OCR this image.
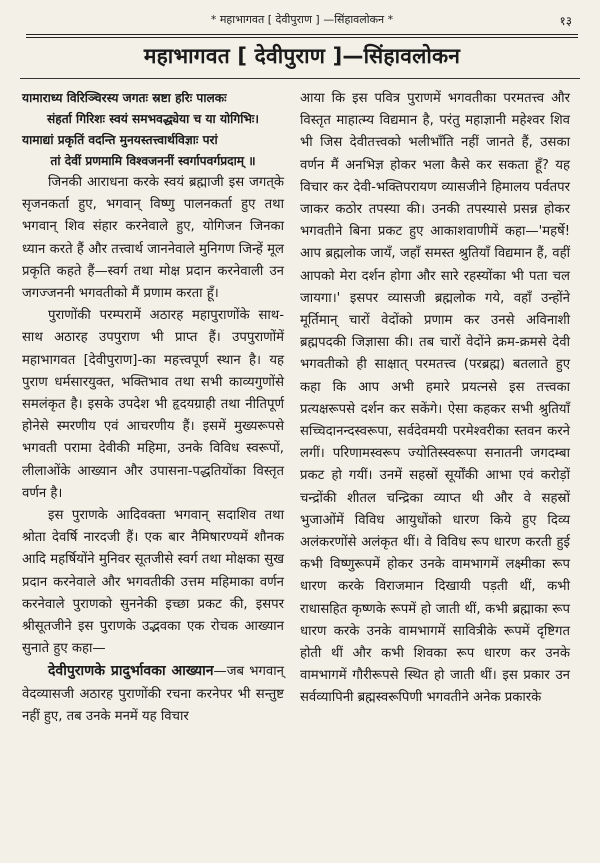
* महाभागवत [ देवीपुराण ] —सिंहावलोकन *	१३
महाभागवत [ देवीपुराण ]—सिंहावलोकन
यामाराध्य विरिञ्चिरस्य जगतः स्रष्टा हरिः पालकः

संहर्ता गिरिशः स्वयं समभवद्ध्येया च या योगिभिः।
यामाद्यां प्रकृतिं वदन्ति मुनयस्तत्त्वार्थविज्ञाः परां

तां देवीं प्रणमामि विश्वजननीं स्वर्गापवर्गप्रदाम् ॥

जिनकी आराधना करके स्वयं ब्रह्माजी इस जगत्‌के सृजनकर्ता हुए, भगवान् विष्णु पालनकर्ता हुए तथा भगवान् शिव संहार करनेवाले हुए, योगिजन जिनका ध्यान करते हैं और तत्त्वार्थ जाननेवाले मुनिगण जिन्हें मूल प्रकृति कहते हैं—स्वर्ग तथा मोक्ष प्रदान करनेवाली उन जगज्जननी भगवतीको मैं प्रणाम करता हूँ।

पुराणोंकी परम्परामें अठारह महापुराणोंके साथ-साथ अठारह उपपुराण भी प्राप्त हैं। उपपुराणोंमें महाभागवत [देवीपुराण]-का महत्त्वपूर्ण स्थान है। यह पुराण धर्मसारयुक्त, भक्तिभाव तथा सभी काव्यगुणोंसे समलंकृत है। इसके उपदेश भी हृदयग्राही तथा नीतिपूर्ण होनेसे स्मरणीय एवं आचरणीय हैं। इसमें मुख्यरूपसे भगवती परामा देवीकी महिमा, उनके विविध स्वरूपों, लीलाओंके आख्यान और उपासना-पद्धतियोंका विस्तृत वर्णन है।

इस पुराणके आदिवक्ता भगवान् सदाशिव तथा श्रोता देवर्षि नारदजी हैं। एक बार नैमिषारण्यमें शौनक आदि महर्षियोंने मुनिवर सूतजीसे स्वर्ग तथा मोक्षका सुख प्रदान करनेवाले और भगवतीकी उत्तम महिमाका वर्णन करनेवाले पुराणको सुननेकी इच्छा प्रकट की, इसपर श्रीसूतजीने इस पुराणके उद्भवका एक रोचक आख्यान सुनाते हुए कहा—

देवीपुराणके प्रादुर्भावका आख्यान—जब भगवान् वेदव्यासजी अठारह पुराणोंकी रचना करनेपर भी सन्तुष्ट नहीं हुए, तब उनके मनमें यह विचार

आया कि इस पवित्र पुराणमें भगवतीका परमतत्त्व और विस्तृत माहात्म्य विद्यमान है, परंतु महाज्ञानी महेश्वर शिव भी जिस देवीतत्त्वको भलीभाँति नहीं जानते हैं, उसका वर्णन मैं अनभिज्ञ होकर भला कैसे कर सकता हूँ? यह विचार कर देवी-भक्तिपरायण व्यासजीने हिमालय पर्वतपर जाकर कठोर तपस्या की। उनकी तपस्यासे प्रसन्न होकर भगवतीने बिना प्रकट हुए आकाशवाणीमें कहा—'महर्षे! आप ब्रह्मलोक जायँ, जहाँ समस्त श्रुतियाँ विद्यमान हैं, वहीं आपको मेरा दर्शन होगा और सारे रहस्योंका भी पता चल जायगा।' इसपर व्यासजी ब्रह्मलोक गये, वहाँ उन्होंने मूर्तिमान् चारों वेदोंको प्रणाम कर उनसे अविनाशी ब्रह्मपदकी जिज्ञासा की। तब चारों वेदोंने क्रम-क्रमसे देवी भगवतीको ही साक्षात् परमतत्त्व (परब्रह्म) बतलाते हुए कहा कि आप अभी हमारे प्रयत्नसे इस तत्त्वका प्रत्यक्षरूपसे दर्शन कर सकेंगे। ऐसा कहकर सभी श्रुतियाँ सच्चिदानन्दस्वरूपा, सर्वदेवमयी परमेश्वरीका स्तवन करने लगीं। परिणामस्वरूप ज्योतिस्स्वरूपा सनातनी जगदम्बा प्रकट हो गयीं। उनमें सहस्रों सूर्योंकी आभा एवं करोड़ों चन्द्रोंकी शीतल चन्द्रिका व्याप्त थी और वे सहस्रों भुजाओंमें विविध आयुधोंको धारण किये हुए दिव्य अलंकरणोंसे अलंकृत थीं। वे विविध रूप धारण करती हुई कभी विष्णुरूपमें होकर उनके वामभागमें लक्ष्मीका रूप धारण करके विराजमान दिखायी पड़ती थीं, कभी राधासहित कृष्णके रूपमें हो जाती थीं, कभी ब्रह्माका रूप धारण करके उनके वामभागमें सावित्रीके रूपमें दृष्टिगत होती थीं और कभी शिवका रूप धारण कर उनके वामभागमें गौरीरूपसे स्थित हो जाती थीं। इस प्रकार उन सर्वव्यापिनी ब्रह्मस्वरूपिणी भगवतीने अनेक प्रकारके
